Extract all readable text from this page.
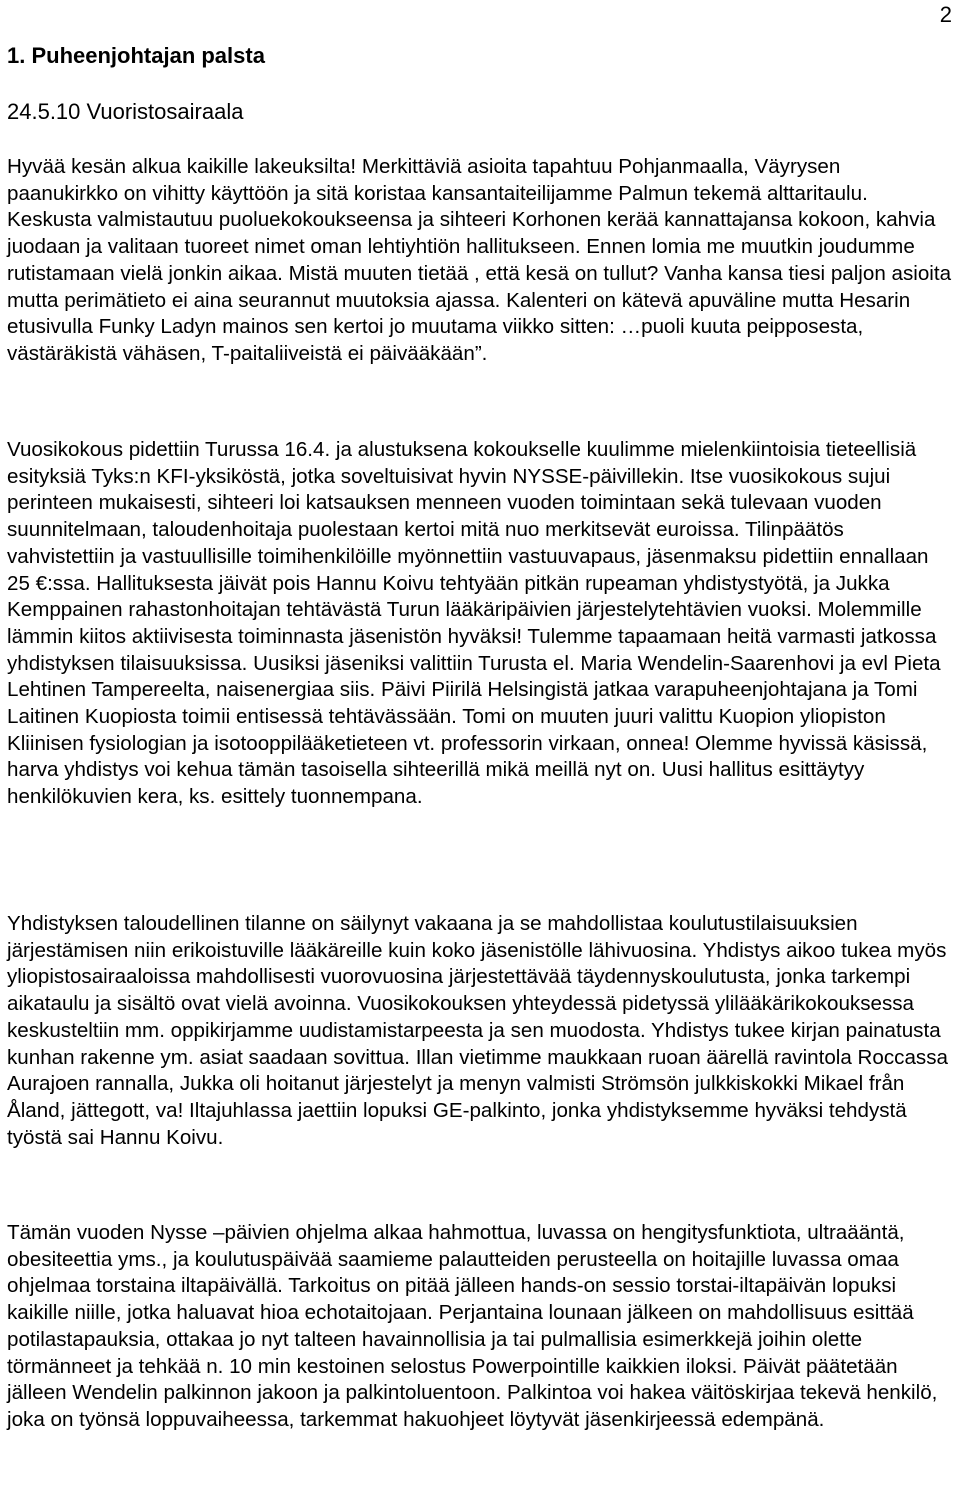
2
1. Puheenjohtajan palsta

24.5.10 Vuoristosairaala

Hyvää kesän alkua kaikille lakeuksilta! Merkittäviä asioita tapahtuu Pohjanmaalla, Väyrysen paanukirkko on vihitty käyttöön ja sitä koristaa kansantaiteilijamme Palmun tekemä alttaritaulu. Keskusta valmistautuu puoluekokoukseensa ja sihteeri Korhonen kerää kannattajansa kokoon, kahvia juodaan ja valitaan tuoreet nimet oman lehtiyhtiön hallitukseen. Ennen lomia me muutkin joudumme rutistamaan vielä jonkin aikaa. Mistä muuten tietää , että kesä on tullut? Vanha kansa tiesi paljon asioita mutta perimätieto ei aina seurannut muutoksia ajassa. Kalenteri on kätevä apuväline mutta Hesarin etusivulla Funky Ladyn mainos sen kertoi jo muutama viikko sitten: …puoli kuuta peipposesta, västäräkistä vähäsen, T-paitaliiveistä ei päivääkään”.

Vuosikokous pidettiin Turussa 16.4. ja alustuksena kokoukselle kuulimme mielenkiintoisia tieteellisiä esityksiä Tyks:n KFI-yksiköstä, jotka soveltuisivat hyvin NYSSE-päivillekin. Itse vuosikokous sujui perinteen mukaisesti, sihteeri loi katsauksen menneen vuoden toimintaan sekä tulevaan vuoden suunnitelmaan, taloudenhoitaja puolestaan kertoi mitä nuo merkitsevät euroissa. Tilinpäätös vahvistettiin ja vastuullisille toimihenkilöille myönnettiin vastuuvapaus, jäsenmaksu pidettiin ennallaan 25 €:ssa. Hallituksesta jäivät pois Hannu Koivu tehtyään pitkän rupeaman yhdistystyötä, ja Jukka Kemppainen rahastonhoitajan tehtävästä Turun lääkäripäivien järjestelytehtävien vuoksi. Molemmille lämmin kiitos aktiivisesta toiminnasta jäsenistön hyväksi! Tulemme tapaamaan heitä varmasti jatkossa yhdistyksen tilaisuuksissa. Uusiksi jäseniksi valittiin Turusta el. Maria Wendelin-Saarenhovi ja evl Pieta Lehtinen Tampereelta, naisenergiaa siis. Päivi Piirilä Helsingistä jatkaa varapuheenjohtajana ja Tomi Laitinen Kuopiosta toimii entisessä tehtävässään. Tomi on muuten juuri valittu Kuopion yliopiston Kliinisen fysiologian ja isotooppilääketieteen vt. professorin virkaan, onnea! Olemme hyvissä käsissä, harva yhdistys voi kehua tämän tasoisella sihteerillä mikä meillä nyt on. Uusi hallitus esittäytyy henkilökuvien kera, ks. esittely tuonnempana.

Yhdistyksen taloudellinen tilanne on säilynyt vakaana ja se mahdollistaa koulutustilaisuuksien järjestämisen niin erikoistuville lääkäreille kuin koko jäsenistölle lähivuosina. Yhdistys aikoo tukea myös yliopistosairaaloissa mahdollisesti vuorovuosina järjestettävää täydennyskoulutusta, jonka tarkempi aikataulu ja sisältö ovat vielä avoinna. Vuosikokouksen yhteydessä pidetyssä ylilääkärikokouksessa keskusteltiin mm. oppikirjamme uudistamistarpeesta ja sen muodosta. Yhdistys tukee kirjan painatusta kunhan rakenne ym. asiat saadaan sovittua. Illan vietimme maukkaan ruoan äärellä ravintola Roccassa Aurajoen rannalla, Jukka oli hoitanut järjestelyt ja menyn valmisti Strömsön julkkiskokki Mikael från Åland, jättegott, va! Iltajuhlassa jaettiin lopuksi GE-palkinto, jonka yhdistyksemme hyväksi tehdystä työstä sai Hannu Koivu.

Tämän vuoden Nysse –päivien ohjelma alkaa hahmottua, luvassa on hengitysfunktiota, ultraääntä, obesiteettia yms., ja koulutuspäivää saamieme palautteiden perusteella on hoitajille luvassa omaa ohjelmaa torstaina iltapäivällä. Tarkoitus on pitää jälleen hands-on sessio torstai-iltapäivän lopuksi kaikille niille, jotka haluavat hioa echotaitojaan. Perjantaina lounaan jälkeen on mahdollisuus esittää potilastapauksia, ottakaa jo nyt talteen havainnollisia ja tai pulmallisia esimerkkejä joihin olette törmänneet ja tehkää n. 10 min kestoinen selostus Powerpointille kaikkien iloksi. Päivät päätetään jälleen Wendelin palkinnon jakoon ja palkintoluentoon. Palkintoa voi hakea väitöskirjaa tekevä henkilö, joka on työnsä loppuvaiheessa, tarkemmat hakuohjeet löytyvät jäsenkirjeessä edempänä.
